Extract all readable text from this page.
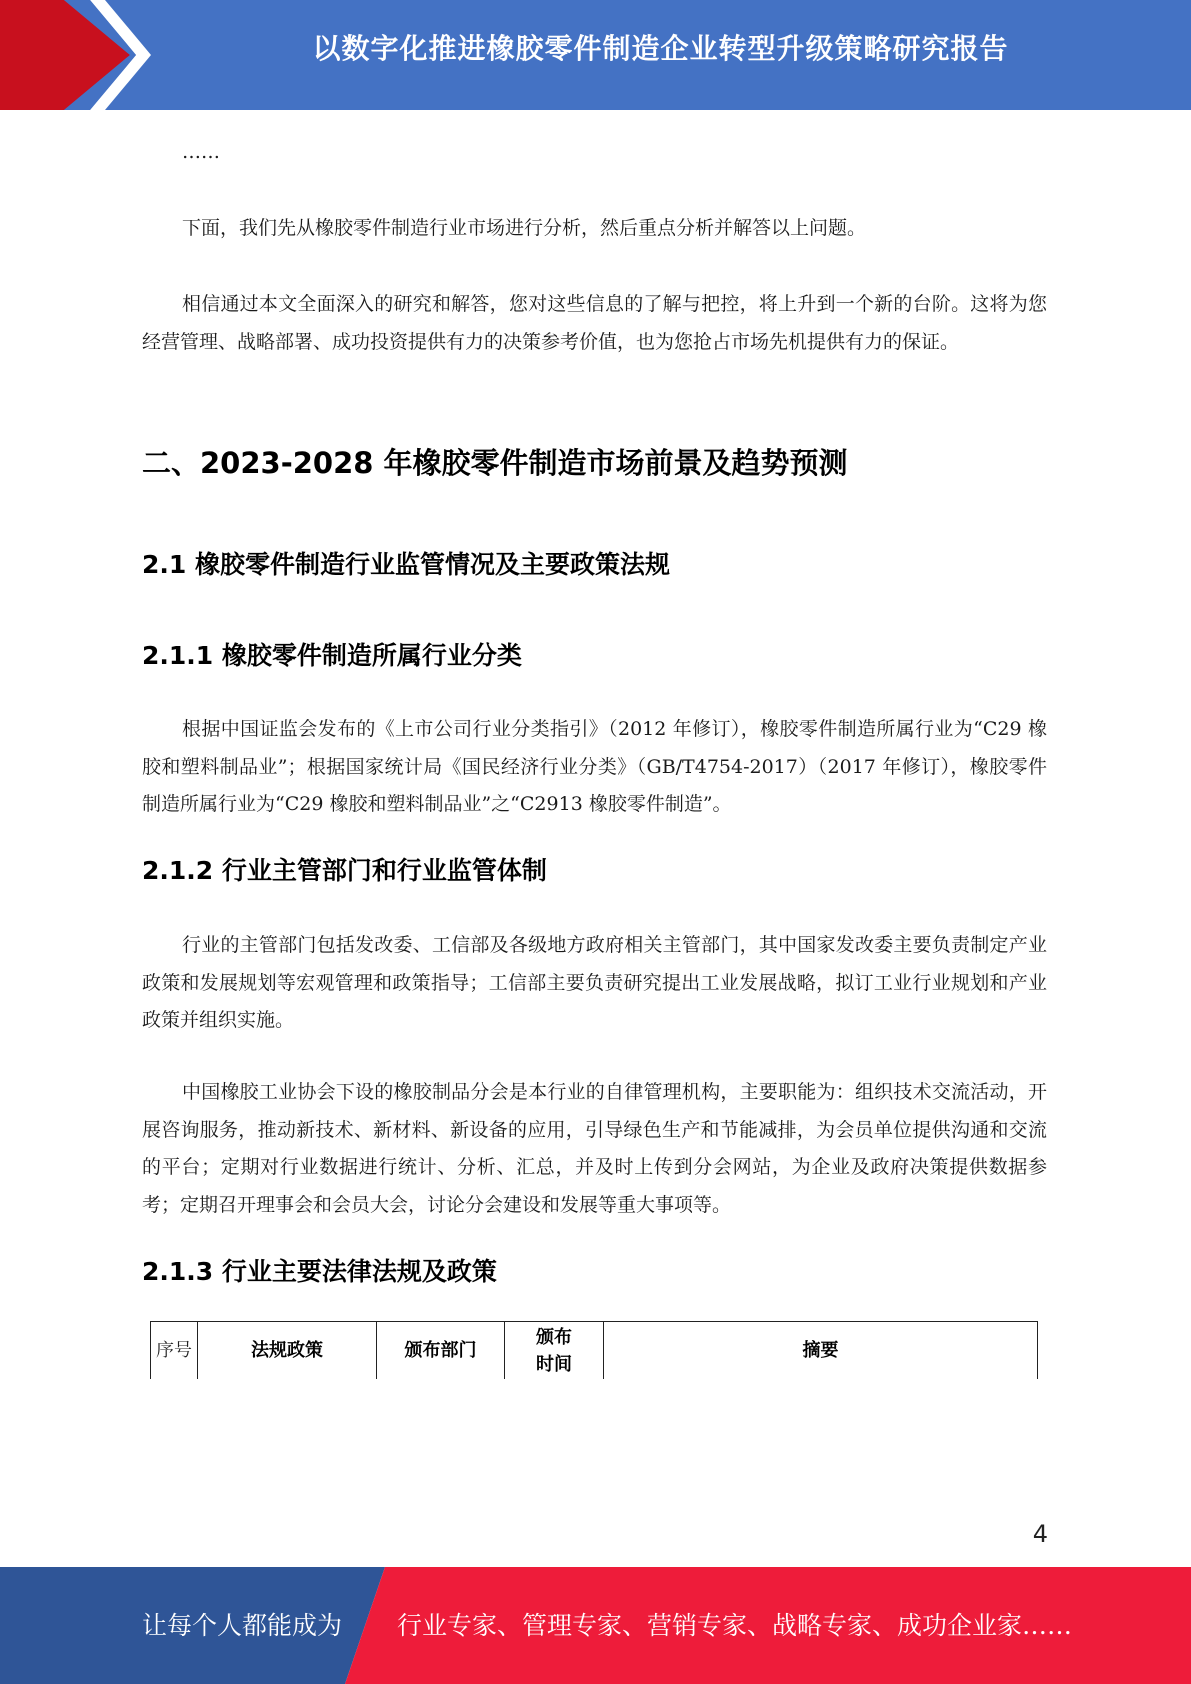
以数字化推进橡胶零件制造企业转型升级策略研究报告

……

下面，我们先从橡胶零件制造行业市场进行分析，然后重点分析并解答以上问题。

相信通过本文全面深入的研究和解答，您对这些信息的了解与把控，将上升到一个新的台阶。这将为您经营管理、战略部署、成功投资提供有力的决策参考价值，也为您抢占市场先机提供有力的保证。

二、2023-2028 年橡胶零件制造市场前景及趋势预测
2.1 橡胶零件制造行业监管情况及主要政策法规
2.1.1 橡胶零件制造所属行业分类

根据中国证监会发布的《上市公司行业分类指引》（2012 年修订），橡胶零件制造所属行业为“C29 橡胶和塑料制品业”；根据国家统计局《国民经济行业分类》（GB/T4754-2017）（2017 年修订），橡胶零件制造所属行业为“C29 橡胶和塑料制品业”之“C2913 橡胶零件制造”。

2.1.2 行业主管部门和行业监管体制

行业的主管部门包括发改委、工信部及各级地方政府相关主管部门，其中国家发改委主要负责制定产业政策和发展规划等宏观管理和政策指导；工信部主要负责研究提出工业发展战略，拟订工业行业规划和产业政策并组织实施。

中国橡胶工业协会下设的橡胶制品分会是本行业的自律管理机构，主要职能为：组织技术交流活动，开展咨询服务，推动新技术、新材料、新设备的应用，引导绿色生产和节能减排，为会员单位提供沟通和交流的平台；定期对行业数据进行统计、分析、汇总，并及时上传到分会网站，为企业及政府决策提供数据参考；定期召开理事会和会员大会，讨论分会建设和发展等重大事项等。

2.1.3 行业主要法律法规及政策
序号	法规政策	颁布部门	颁布时间	摘要
4
让每个人都能成为 行业专家、管理专家、营销专家、战略专家、成功企业家……
